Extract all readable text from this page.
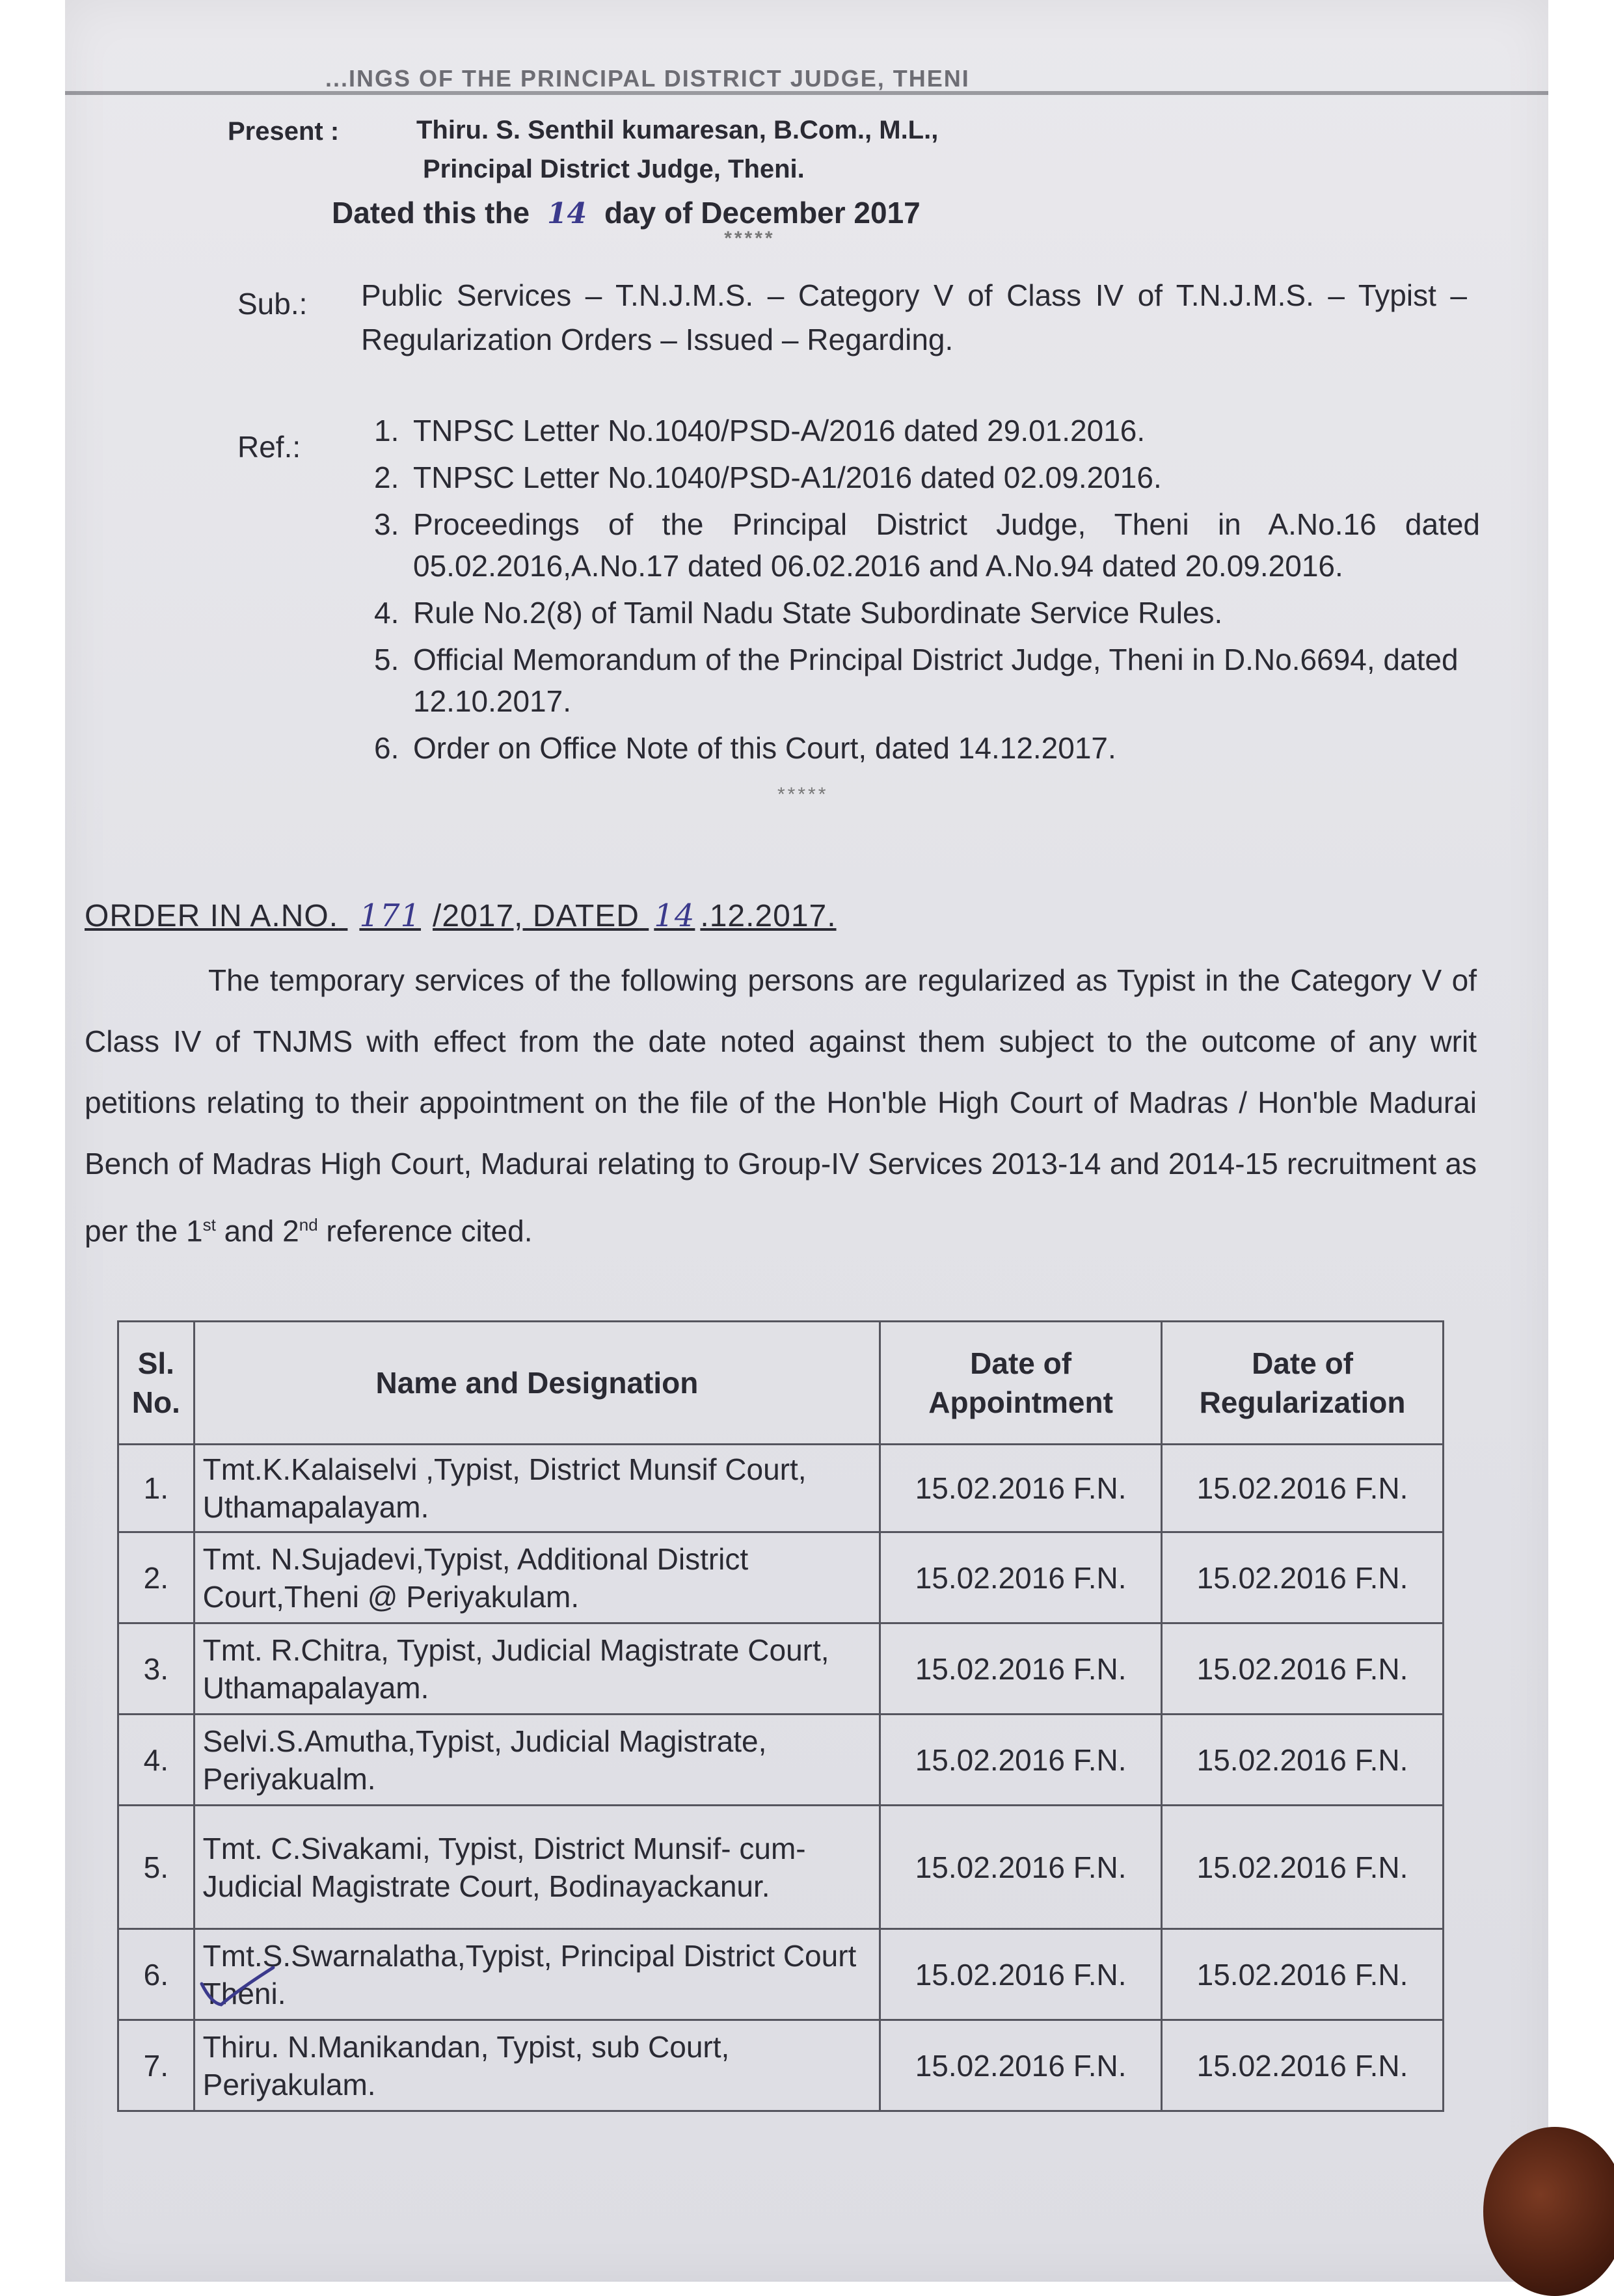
...INGS OF THE PRINCIPAL DISTRICT JUDGE, THENI
Present :	Thiru. S. Senthil kumaresan, B.Com., M.L.,
Principal District Judge, Theni.
Dated this the 14 day of December 2017
*****
Sub.: Public Services – T.N.J.M.S. – Category V of Class IV of T.N.J.M.S. – Typist – Regularization Orders – Issued – Regarding.
Ref.: 1. TNPSC Letter No.1040/PSD-A/2016 dated 29.01.2016.
2. TNPSC Letter No.1040/PSD-A1/2016 dated 02.09.2016.
3. Proceedings of the Principal District Judge, Theni in A.No.16 dated 05.02.2016,A.No.17 dated 06.02.2016 and A.No.94 dated 20.09.2016.
4. Rule No.2(8) of Tamil Nadu State Subordinate Service Rules.
5. Official Memorandum of the Principal District Judge, Theni in D.No.6694, dated 12.10.2017.
6. Order on Office Note of this Court, dated 14.12.2017.
*****
ORDER IN A.NO. 171 /2017, DATED 14 .12.2017.
The temporary services of the following persons are regularized as Typist in the Category V of Class IV of TNJMS with effect from the date noted against them subject to the outcome of any writ petitions relating to their appointment on the file of the Hon'ble High Court of Madras / Hon'ble Madurai Bench of Madras High Court, Madurai relating to Group-IV Services 2013-14 and 2014-15 recruitment as per the 1st and 2nd reference cited.
Sl. No.	Name and Designation	Date of Appointment	Date of Regularization
1.	Tmt.K.Kalaiselvi ,Typist, District Munsif Court, Uthamapalayam.	15.02.2016 F.N.	15.02.2016 F.N.
2.	Tmt. N.Sujadevi,Typist, Additional District Court,Theni @ Periyakulam.	15.02.2016 F.N.	15.02.2016 F.N.
3.	Tmt. R.Chitra, Typist, Judicial Magistrate Court, Uthamapalayam.	15.02.2016 F.N.	15.02.2016 F.N.
4.	Selvi.S.Amutha,Typist, Judicial Magistrate, Periyakualm.	15.02.2016 F.N.	15.02.2016 F.N.
5.	Tmt. C.Sivakami, Typist, District Munsif- cum-Judicial Magistrate Court, Bodinayackanur.	15.02.2016 F.N.	15.02.2016 F.N.
6.	Tmt.S.Swarnalatha,Typist, Principal District Court Theni.	15.02.2016 F.N.	15.02.2016 F.N.
7.	Thiru. N.Manikandan, Typist, sub Court, Periyakulam.	15.02.2016 F.N.	15.02.2016 F.N.
